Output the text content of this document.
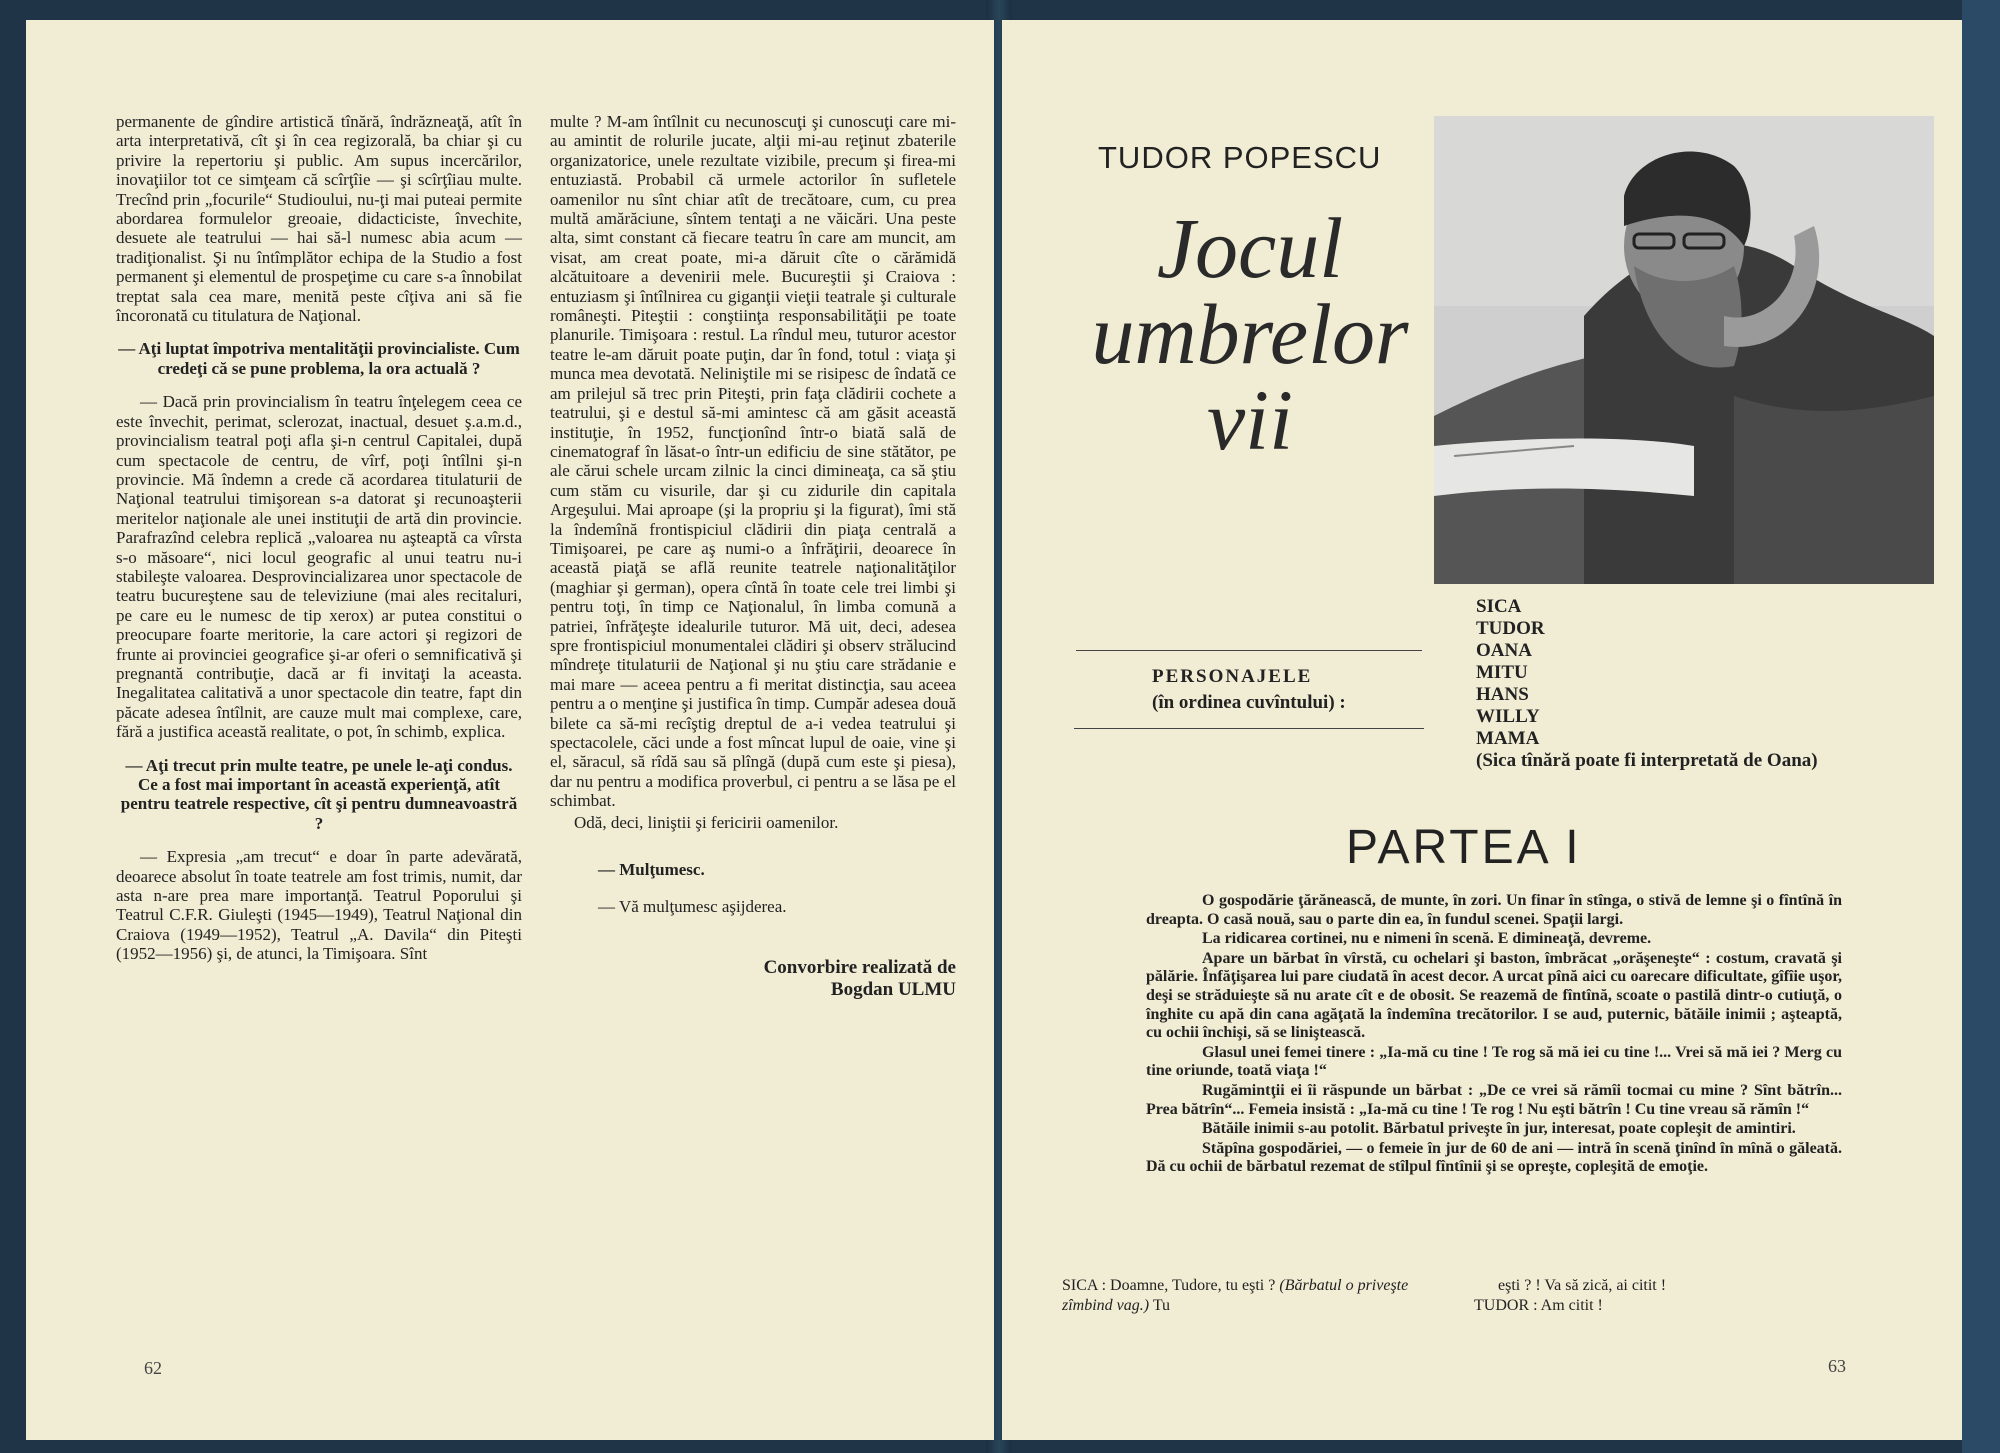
permanente de gîndire artistică tînără, îndrăzneaţă, atît în arta interpretativă, cît şi în cea regizorală, ba chiar şi cu privire la repertoriu şi public. Am supus incercărilor, inovaţiilor tot ce simţeam că scîrţîie — şi scîrţîiau multe. Trecînd prin „focurile“ Studioului, nu-ţi mai puteai permite abordarea formulelor greoaie, didacticiste, învechite, desuete ale teatrului — hai să-l numesc abia acum — tradiţionalist. Şi nu întîmplător echipa de la Studio a fost permanent şi elementul de prospeţime cu care s-a înnobilat treptat sala cea mare, menită peste cîţiva ani să fie încoronată cu titulatura de Naţional.

— Aţi luptat împotriva mentalităţii provincialiste. Cum credeţi că se pune problema, la ora actuală ?

— Dacă prin provincialism în teatru înţelegem ceea ce este învechit, perimat, sclerozat, inactual, desuet ş.a.m.d., provincialism teatral poţi afla şi-n centrul Capitalei, după cum spectacole de centru, de vîrf, poţi întîlni şi-n provincie. Mă îndemn a crede că acordarea titulaturii de Naţional teatrului timişorean s-a datorat şi recunoaşterii meritelor naţionale ale unei instituţii de artă din provincie. Parafrazînd celebra replică „valoarea nu aşteaptă ca vîrsta s-o măsoare“, nici locul geografic al unui teatru nu-i stabileşte valoarea. Desprovincializarea unor spectacole de teatru bucureştene sau de televiziune (mai ales recitaluri, pe care eu le numesc de tip xerox) ar putea constitui o preocupare foarte meritorie, la care actori şi regizori de frunte ai provinciei geografice şi-ar oferi o semnificativă şi pregnantă contribuţie, dacă ar fi invitaţi la aceasta. Inegalitatea calitativă a unor spectacole din teatre, fapt din păcate adesea întîlnit, are cauze mult mai complexe, care, fără a justifica această realitate, o pot, în schimb, explica.

— Aţi trecut prin multe teatre, pe unele le-aţi condus. Ce a fost mai important în această experienţă, atît pentru teatrele respective, cît şi pentru dumneavoastră ?

— Expresia „am trecut“ e doar în parte adevărată, deoarece absolut în toate teatrele am fost trimis, numit, dar asta n-are prea mare importanţă. Teatrul Poporului şi Teatrul C.F.R. Giuleşti (1945—1949), Teatrul Naţional din Craiova (1949—1952), Teatrul „A. Davila“ din Piteşti (1952—1956) şi, de atunci, la Timişoara. Sînt

multe ? M-am întîlnit cu necunoscuţi şi cunoscuţi care mi-au amintit de rolurile jucate, alţii mi-au reţinut zbaterile organizatorice, unele rezultate vizibile, precum şi firea-mi entuziastă. Probabil că urmele actorilor în sufletele oamenilor nu sînt chiar atît de trecătoare, cum, cu prea multă amărăciune, sîntem tentaţi a ne văicări. Una peste alta, simt constant că fiecare teatru în care am muncit, am visat, am creat poate, mi-a dăruit cîte o cărămidă alcătuitoare a devenirii mele. Bucureştii şi Craiova : entuziasm şi întîlnirea cu giganţii vieţii teatrale şi culturale româneşti. Piteştii : conştiinţa responsabilităţii pe toate planurile. Timişoara : restul. La rîndul meu, tuturor acestor teatre le-am dăruit poate puţin, dar în fond, totul : viaţa şi munca mea devotată. Neliniştile mi se risipesc de îndată ce am prilejul să trec prin Piteşti, prin faţa clădirii cochete a teatrului, şi e destul să-mi amintesc că am găsit această instituţie, în 1952, funcţionînd într-o biată sală de cinematograf în lăsat-o într-un edificiu de sine stătător, pe ale cărui schele urcam zilnic la cinci dimineaţa, ca să ştiu cum stăm cu visurile, dar şi cu zidurile din capitala Argeşului. Mai aproape (şi la propriu şi la figurat), îmi stă la îndemînă frontispiciul clădirii din piaţa centrală a Timişoarei, pe care aş numi-o a înfrăţirii, deoarece în această piaţă se află reunite teatrele naţionalităţilor (maghiar şi german), opera cîntă în toate cele trei limbi şi pentru toţi, în timp ce Naţionalul, în limba comună a patriei, înfrăţeşte idealurile tuturor. Mă uit, deci, adesea spre frontispiciul monumentalei clădiri şi observ strălucind mîndreţe titulaturii de Naţional şi nu ştiu care strădanie e mai mare — aceea pentru a fi meritat distincţia, sau aceea pentru a o menţine şi justifica în timp. Cumpăr adesea două bilete ca să-mi recîştig dreptul de a-i vedea teatrului şi spectacolele, căci unde a fost mîncat lupul de oaie, vine şi el, săracul, să rîdă sau să plîngă (după cum este şi piesa), dar nu pentru a modifica proverbul, ci pentru a se lăsa pe el schimbat.

Odă, deci, liniştii şi fericirii oamenilor.

— Mulţumesc.

— Vă mulţumesc aşijderea.

Convorbire realizată de
Bogdan ULMU
62	63
TUDOR POPESCU
Jocul
umbrelor
vii
PERSONAJELE
(în ordinea cuvîntului) :
SICA
TUDOR
OANA
MITU
HANS
WILLY
MAMA
(Sica tînără poate fi interpretată de Oana)
PARTEA I

O gospodărie ţărănească, de munte, în zori. Un finar în stînga, o stivă de lemne şi o fîntînă în dreapta. O casă nouă, sau o parte din ea, în fundul scenei. Spaţii largi.

La ridicarea cortinei, nu e nimeni în scenă. E dimineaţă, devreme.

Apare un bărbat în vîrstă, cu ochelari şi baston, îmbrăcat „orăşeneşte“ : costum, cravată şi pălărie. Înfăţişarea lui pare ciudată în acest decor. A urcat pînă aici cu oarecare dificultate, gîfîie uşor, deşi se străduieşte să nu arate cît e de obosit. Se reazemă de fîntînă, scoate o pastilă dintr-o cutiuţă, o înghite cu apă din cana agăţată la îndemîna trecătorilor. I se aud, puternic, bătăile inimii ; aşteaptă, cu ochii închişi, să se liniştească.

Glasul unei femei tinere : „Ia-mă cu tine ! Te rog să mă iei cu tine !... Vrei să mă iei ? Merg cu tine oriunde, toată viaţa !“

Rugămintţii ei îi răspunde un bărbat : „De ce vrei să rămîi tocmai cu mine ? Sînt bătrîn... Prea bătrîn“... Femeia insistă : „Ia-mă cu tine ! Te rog ! Nu eşti bătrîn ! Cu tine vreau să rămîn !“

Bătăile inimii s-au potolit. Bărbatul priveşte în jur, interesat, poate copleşit de amintiri.

Stăpîna gospodăriei, — o femeie în jur de 60 de ani — intră în scenă ţinînd în mînă o găleată. Dă cu ochii de bărbatul rezemat de stîlpul fîntînii şi se opreşte, copleşită de emoţie.

SICA : Doamne, Tudore, tu eşti ? (Bărbatul o priveşte zîmbind vag.) Tu
eşti ? ! Va să zică, ai citit !
TUDOR : Am citit !
